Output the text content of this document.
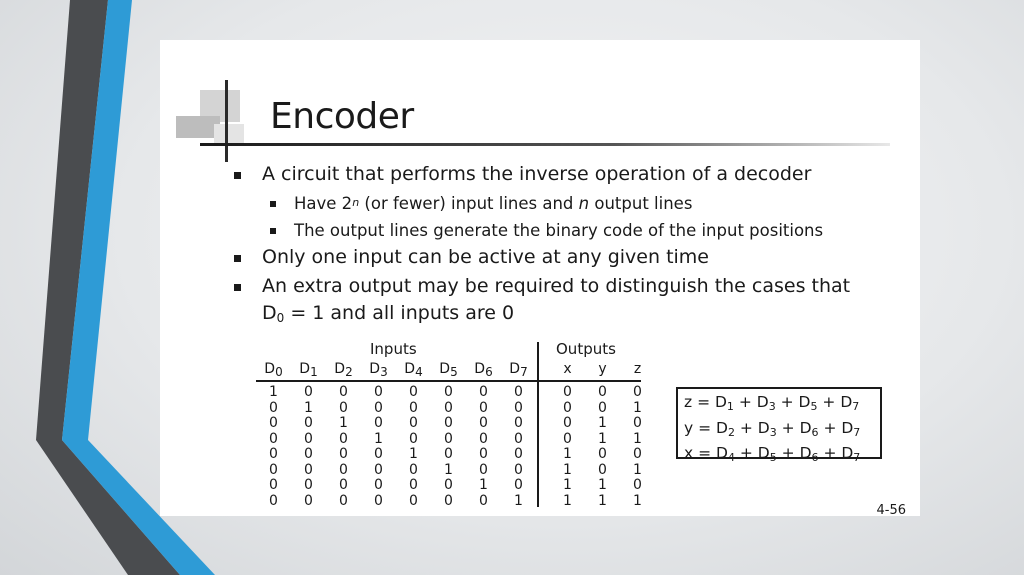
Encoder
A circuit that performs the inverse operation of a decoder
Have 2$^n$ (or fewer) input lines and n output lines
The output lines generate the binary code of the input positions
Only one input can be active at any given time
An extra output may be required to distinguish the cases that
$D_0 = 1$ and all inputs are 0
Inputs	Outputs
$D_0$	$D_1$	$D_2$	$D_3$	$D_4$	$D_5$	$D_6$	$D_7$	x	y	z
1	0	0	0	0	0	0	0	0	0	0
0	1	0	0	0	0	0	0	0	0	1
0	0	1	0	0	0	0	0	0	1	0
0	0	0	1	0	0	0	0	0	1	1
0	0	0	0	1	0	0	0	1	0	0
0	0	0	0	0	1	0	0	1	0	1
0	0	0	0	0	0	1	0	1	1	0
0	0	0	0	0	0	0	1	1	1	1
$z = D_1 + D_3 + D_5 + D_7$
$y = D_2 + D_3 + D_6 + D_7$
$x = D_4 + D_5 + D_6 + D_7$
4-56
